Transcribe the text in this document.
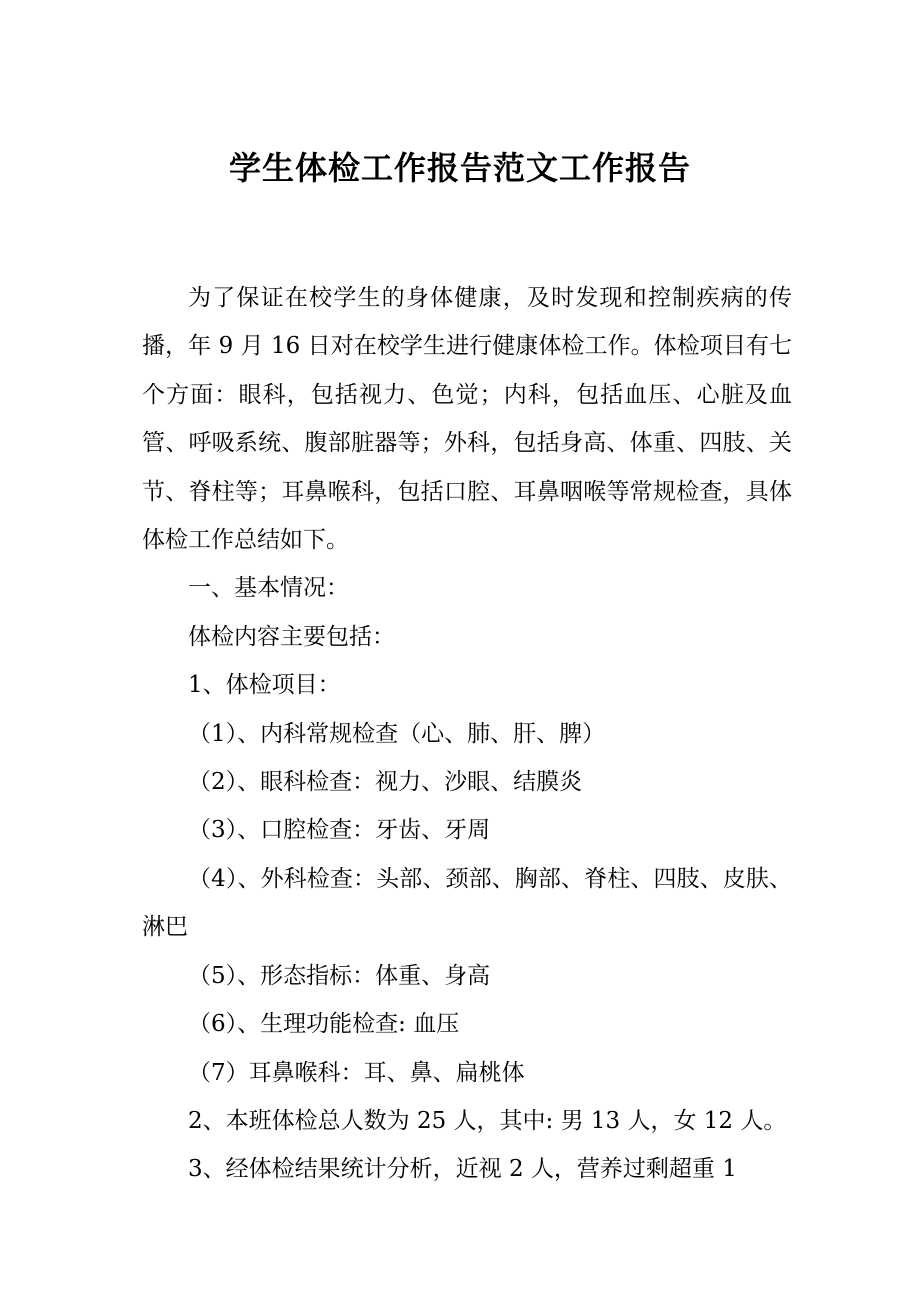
学生体检工作报告范文工作报告

为了保证在校学生的身体健康，及时发现和控制疾病的传播，年 9 月 16 日对在校学生进行健康体检工作。体检项目有七个方面：眼科，包括视力、色觉；内科，包括血压、心脏及血管、呼吸系统、腹部脏器等；外科，包括身高、体重、四肢、关节、脊柱等；耳鼻喉科，包括口腔、耳鼻咽喉等常规检查，具体体检工作总结如下。

一、基本情况：

体检内容主要包括：

1、体检项目：

（1）、内科常规检查（心、肺、肝、脾）

（2）、眼科检查：视力、沙眼、结膜炎

（3）、口腔检查：牙齿、牙周

（4）、外科检查：头部、颈部、胸部、脊柱、四肢、皮肤、淋巴

（5）、形态指标：体重、身高

（6）、生理功能检查: 血压

（7）耳鼻喉科：耳、鼻、扁桃体

2、本班体检总人数为 25 人，其中: 男 13 人，女 12 人。

3、经体检结果统计分析，近视 2 人，营养过剩超重 1
